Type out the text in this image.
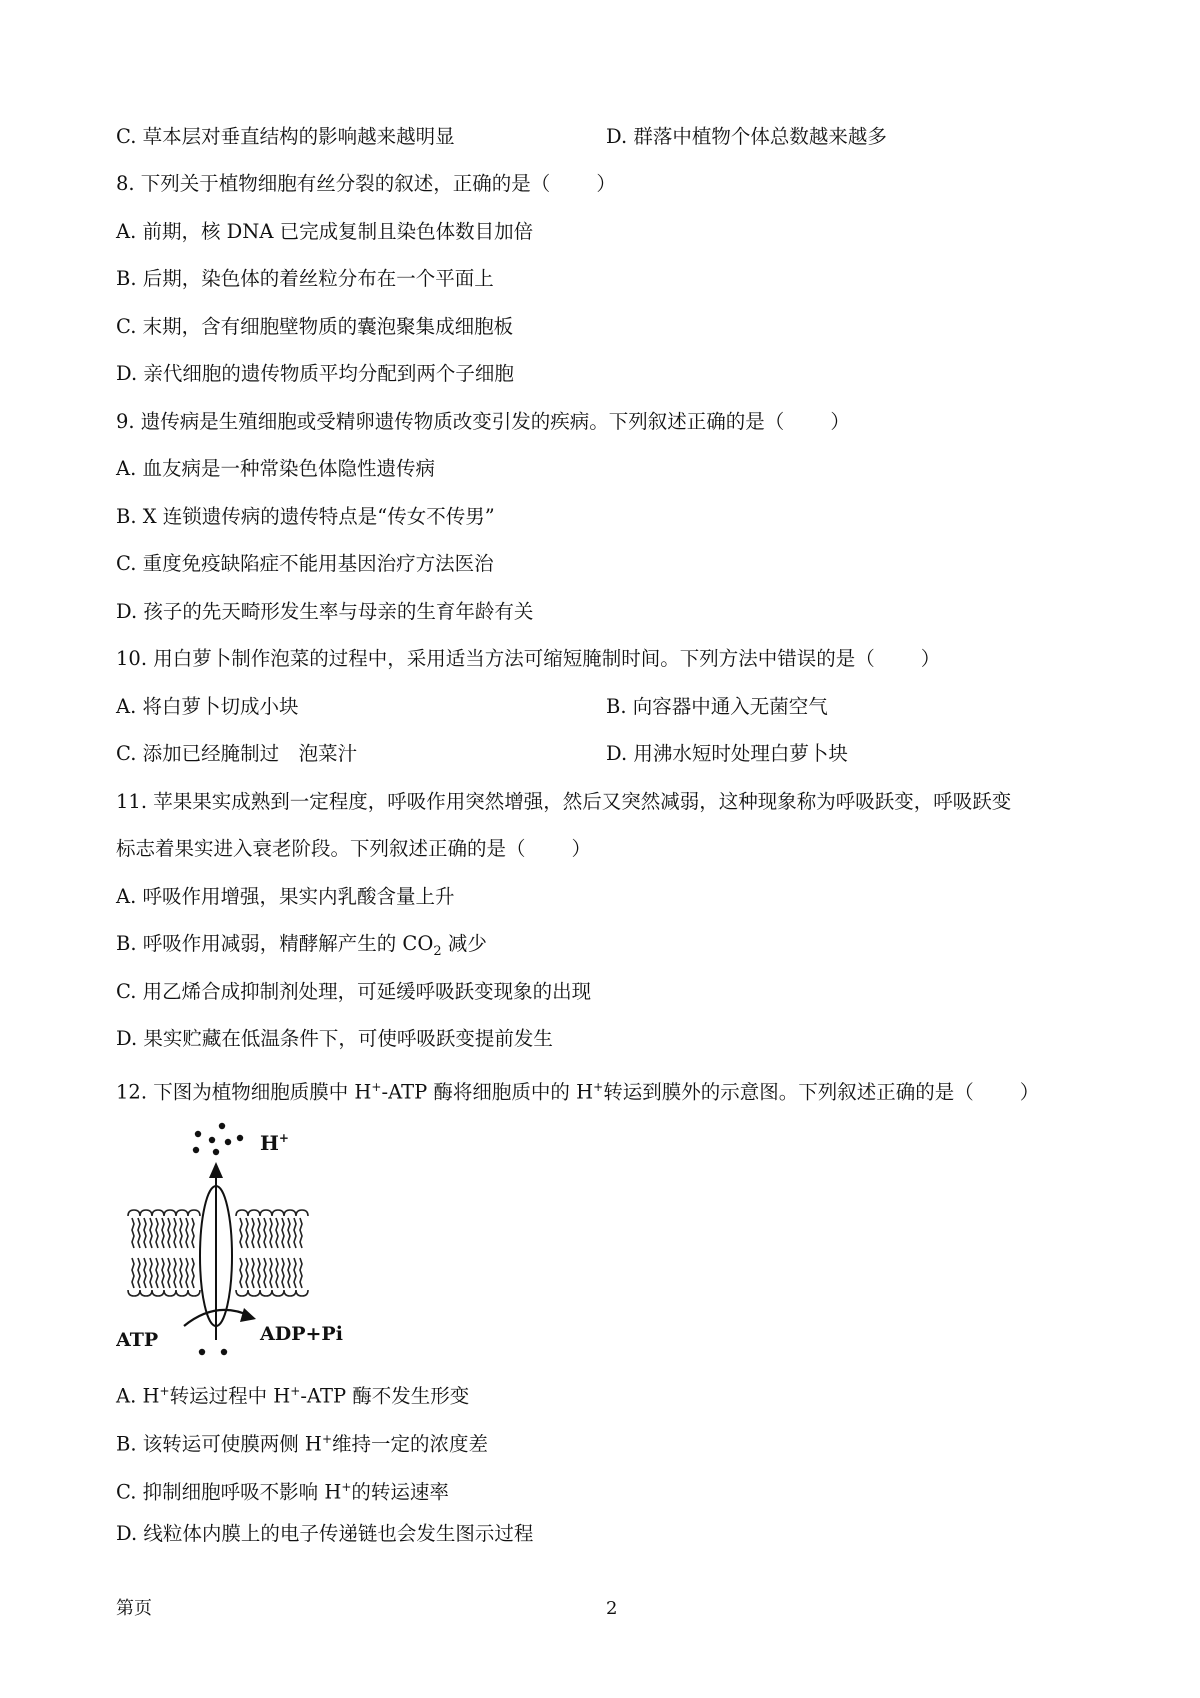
C. 草本层对垂直结构的影响越来越明显	D. 群落中植物个体总数越来越多
8. 下列关于植物细胞有丝分裂的叙述，正确的是（ ）
A. 前期，核 DNA 已完成复制且染色体数目加倍
B. 后期，染色体的着丝粒分布在一个平面上
C. 末期，含有细胞壁物质的囊泡聚集成细胞板
D. 亲代细胞的遗传物质平均分配到两个子细胞
9. 遗传病是生殖细胞或受精卵遗传物质改变引发的疾病。下列叙述正确的是（ ）
A. 血友病是一种常染色体隐性遗传病
B. X 连锁遗传病的遗传特点是“传女不传男”
C. 重度免疫缺陷症不能用基因治疗方法医治
D. 孩子的先天畸形发生率与母亲的生育年龄有关
10. 用白萝卜制作泡菜的过程中，采用适当方法可缩短腌制时间。下列方法中错误的是（ ）
A. 将白萝卜切成小块	B. 向容器中通入无菌空气
C. 添加已经腌制过　泡菜汁	D. 用沸水短时处理白萝卜块
11. 苹果果实成熟到一定程度，呼吸作用突然增强，然后又突然减弱，这种现象称为呼吸跃变，呼吸跃变
标志着果实进入衰老阶段。下列叙述正确的是（ ）
A. 呼吸作用增强，果实内乳酸含量上升
B. 呼吸作用减弱，精酵解产生的 $CO_2$ 减少
C. 用乙烯合成抑制剂处理，可延缓呼吸跃变现象的出现
D. 果实贮藏在低温条件下，可使呼吸跃变提前发生
12. 下图为植物细胞质膜中 H+-ATP 酶将细胞质中的 H+转运到膜外的示意图。下列叙述正确的是（ ）
H+
ATP	ADP+Pi
A. H+转运过程中 H+-ATP 酶不发生形变
B. 该转运可使膜两侧 H+维持一定的浓度差
C. 抑制细胞呼吸不影响 H+的转运速率
D. 线粒体内膜上的电子传递链也会发生图示过程
第页	2
